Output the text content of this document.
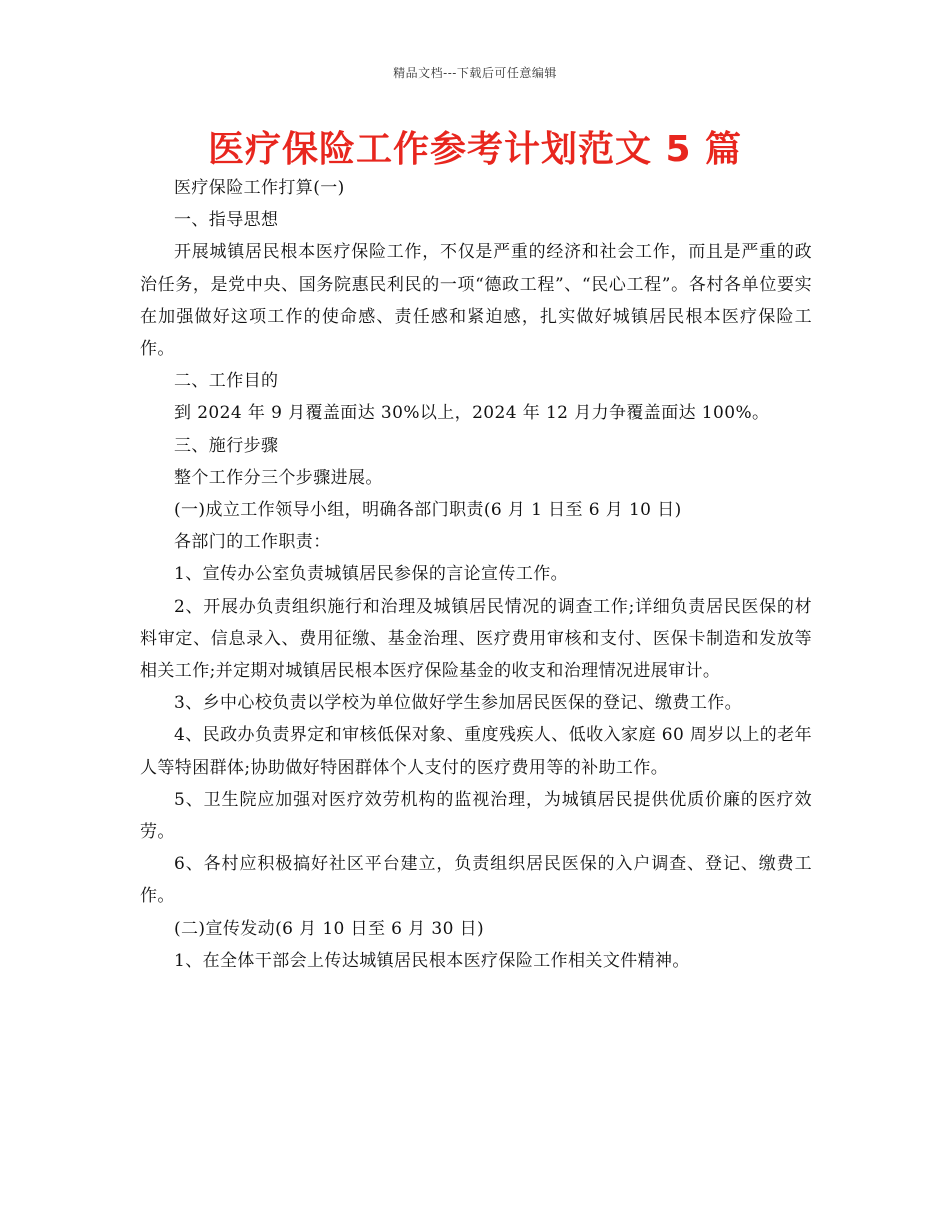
精品文档---下载后可任意编辑
医疗保险工作参考计划范文 5 篇

医疗保险工作打算(一)

一、指导思想

开展城镇居民根本医疗保险工作，不仅是严重的经济和社会工作，而且是严重的政治任务，是党中央、国务院惠民利民的一项“德政工程”、“民心工程”。各村各单位要实在加强做好这项工作的使命感、责任感和紧迫感，扎实做好城镇居民根本医疗保险工作。

二、工作目的

到 2024 年 9 月覆盖面达 30%以上，2024 年 12 月力争覆盖面达 100%。

三、施行步骤

整个工作分三个步骤进展。

(一)成立工作领导小组，明确各部门职责(6 月 1 日至 6 月 10 日)

各部门的工作职责：

1、宣传办公室负责城镇居民参保的言论宣传工作。

2、开展办负责组织施行和治理及城镇居民情况的调查工作;详细负责居民医保的材料审定、信息录入、费用征缴、基金治理、医疗费用审核和支付、医保卡制造和发放等相关工作;并定期对城镇居民根本医疗保险基金的收支和治理情况进展审计。

3、乡中心校负责以学校为单位做好学生参加居民医保的登记、缴费工作。

4、民政办负责界定和审核低保对象、重度残疾人、低收入家庭 60 周岁以上的老年人等特困群体;协助做好特困群体个人支付的医疗费用等的补助工作。

5、卫生院应加强对医疗效劳机构的监视治理，为城镇居民提供优质价廉的医疗效劳。

6、各村应积极搞好社区平台建立，负责组织居民医保的入户调查、登记、缴费工作。

(二)宣传发动(6 月 10 日至 6 月 30 日)

1、在全体干部会上传达城镇居民根本医疗保险工作相关文件精神。
